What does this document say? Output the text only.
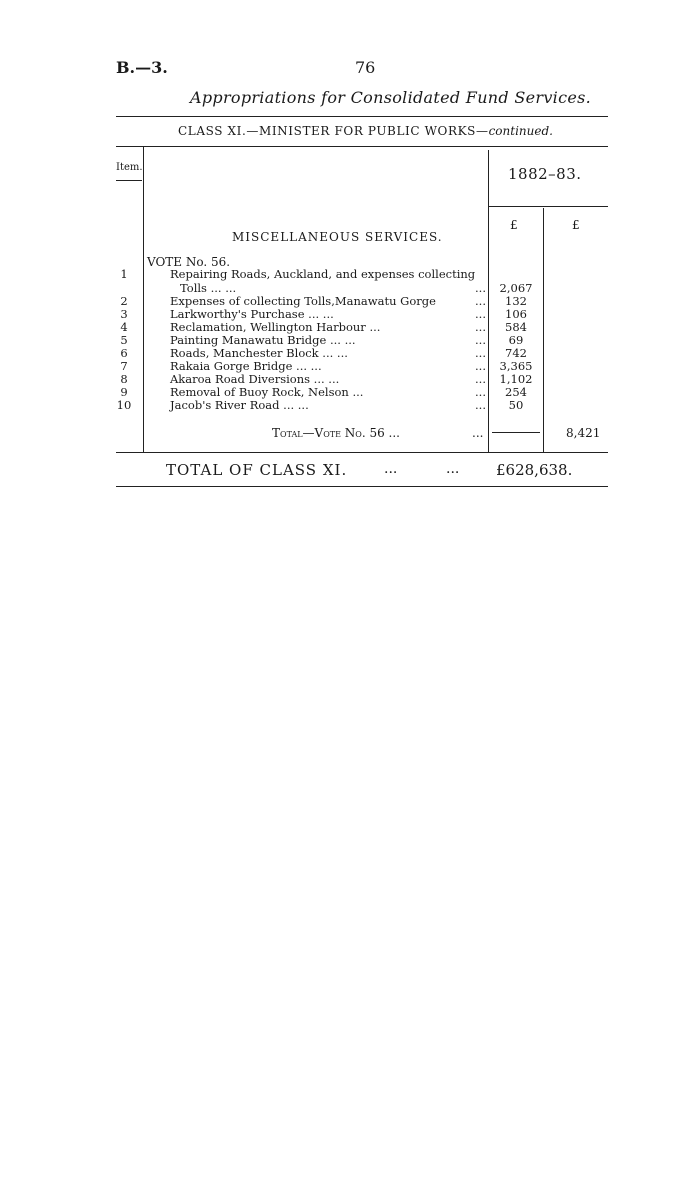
B.—3.	76
Appropriations for Consolidated Fund Services.
CLASS XI.—MINISTER FOR PUBLIC WORKS—continued.
Item.	1882–83.
£	£
MISCELLANEOUS SERVICES.
VOTE No. 56.
1	Repairing Roads, Auckland, and expenses collecting
Tolls ... ...	...	2,067
2	Expenses of collecting Tolls,Manawatu Gorge	...	132
3	Larkworthy's Purchase ... ...	...	106
4	Reclamation, Wellington Harbour ...	...	584
5	Painting Manawatu Bridge ... ...	...	69
6	Roads, Manchester Block ... ...	...	742
7	Rakaia Gorge Bridge ... ...	...	3,365
8	Akaroa Road Diversions ... ...	...	1,102
9	Removal of Buoy Rock, Nelson ...	...	254
10	Jacob's River Road ... ...	...	50
Total—Vote No. 56 ...	...	8,421
TOTAL OF CLASS XI.	...	... £628,638.
